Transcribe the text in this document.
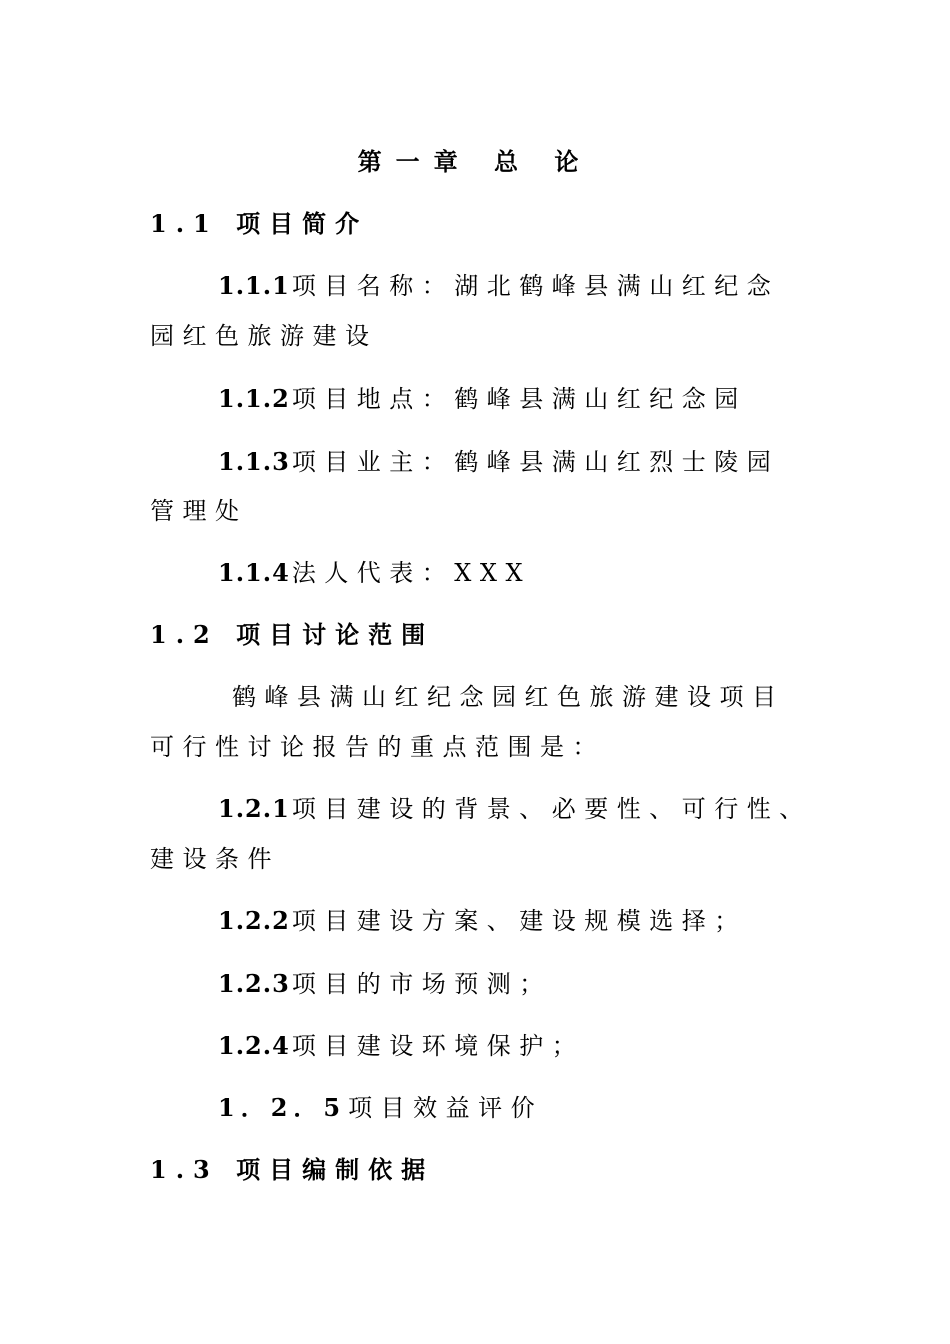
第一章 总 论
1.1 项目简介
1.1.1项目名称：湖北鹤峰县满山红纪念
园红色旅游建设
1.1.2项目地点：鹤峰县满山红纪念园
1.1.3项目业主：鹤峰县满山红烈士陵园
管理处
1.1.4法人代表：XXX
1.2 项目讨论范围
鹤峰县满山红纪念园红色旅游建设项目
可行性讨论报告的重点范围是：
1.2.1项目建设的背景、必要性、可行性、
建设条件
1.2.2项目建设方案、建设规模选择；
1.2.3项目的市场预测；
1.2.4项目建设环境保护；
1．2．5项目效益评价
1.3 项目编制依据
